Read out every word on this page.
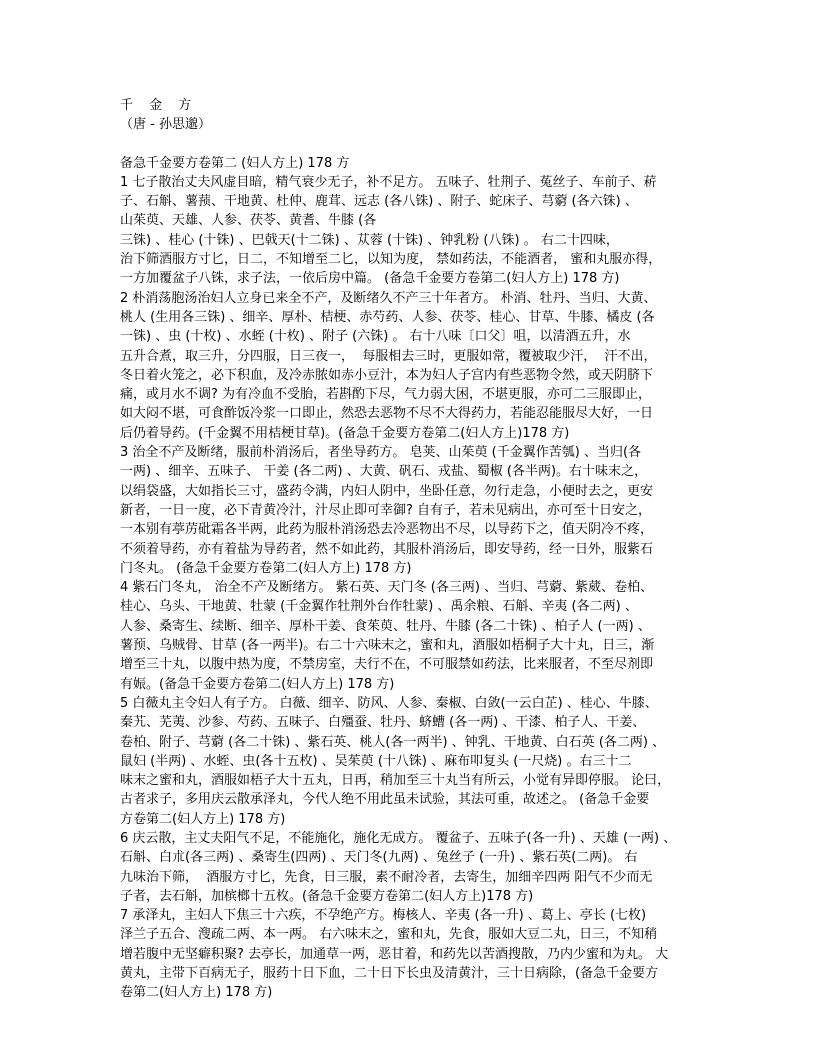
千 金 方

（唐 - 孙思邈）

备急千金要方卷第二 (妇人方上) 178 方

1 七子散治丈夫风虚目暗，精气衰少无子，补不足方。 五味子、牡荆子、菟丝子、车前子、菥
子、石斛、薯蓣、干地黄、杜仲、鹿茸、远志 (各八铢) 、附子、蛇床子、芎藭 (各六铢) 、
山茱萸、天雄、人参、茯苓、黄耆、牛膝 (各
三铢) 、桂心 (十铢) 、巴戟天(十二铢) 、苁蓉 (十铢) 、钟乳粉 (八铢) 。 右二十四味，
治下筛酒服方寸匕，日二，不知增至二匕，以知为度， 禁如药法，不能酒者， 蜜和丸服亦得，
一方加覆盆子八铢，求子法，一依后房中篇。 (备急千金要方卷第二(妇人方上) 178 方)

2 朴消荡胞汤治妇人立身已来全不产，及断绪久不产三十年者方。 朴消、牡丹、当归、大黄、
桃人 (生用各三铢) 、细辛、厚朴、桔梗、赤芍药、人参、茯苓、桂心、甘草、牛膝、橘皮 (各
一铢) 、虫 (十枚) 、水蛭 (十枚) 、附子 (六铢) 。 右十八味〔口父〕咀，以清酒五升，水
五升合煮，取三升，分四服，日三夜一，  每服相去三时，更服如常，覆被取少汗，  汗不出，
冬日着火笼之，必下积血，及冷赤脓如赤小豆汁，本为妇人子宫内有些恶物令然，或天阴脐下
痛，或月水不调? 为有冷血不受胎，若斟酌下尽，气力弱大困，不堪更服，亦可二三服即止，
如大闷不堪，可食酢饭冷浆一口即止，然恐去恶物不尽不大得药力，若能忍能服尽大好，一日
后仍着导药。(千金翼不用桔梗甘草)。(备急千金要方卷第二(妇人方上)178 方)

3 治全不产及断绪，服前朴消汤后，者坐导药方。 皂荚、山茱萸 (千金翼作苦瓠) 、当归(各
一两) 、细辛、五味子、 干姜 (各二两) 、大黄、矾石、戎盐、蜀椒 (各半两)。右十味末之，
以绢袋盛，大如指长三寸，盛药令满，内妇人阴中，坐卧任意，勿行走急，小便时去之，更安
新者，一日一度，必下青黄冷汁，汁尽止即可幸御? 自有子，若未见病出，亦可至十日安之，
一本别有葶苈砒霜各半两，此药为服朴消汤恐去冷恶物出不尽，以导药下之，值天阴冷不疼，
不须着导药，亦有着盐为导药者，然不如此药，其服朴消汤后，即安导药，经一日外，服紫石
门冬丸。 (备急千金要方卷第二(妇人方上) 178 方)

4 紫石门冬丸， 治全不产及断绪方。 紫石英、天门冬 (各三两) 、当归、芎藭、紫葳、卷柏、
桂心、乌头、干地黄、牡蒙 (千金翼作牡荆外台作牡蒙) 、禹余粮、石斛、辛夷 (各二两) 、
人参、桑寄生、续断、细辛、厚朴干姜、食茱萸、牡丹、牛膝 (各二十铢) 、柏子人 (一两) 、
薯预、乌贼骨、甘草 (各一两半)。右二十六味末之，蜜和丸，酒服如梧桐子大十丸，日三，渐
增至三十丸，以腹中热为度，不禁房室，夫行不在，不可服禁如药法，比来服者，不至尽剂即
有娠。(备急千金要方卷第二(妇人方上) 178 方)

5 白薇丸主令妇人有子方。 白薇、细辛、防风、人参、秦椒、白敛(一云白芷) 、桂心、牛膝、
秦艽、芜荑、沙参、芍药、五味子、白殭蚕、牡丹、蛴螬 (各一两) 、干漆、柏子人、干姜、
卷柏、附子、芎藭 (各二十铢) 、紫石英、桃人(各一两半) 、钟乳、干地黄、白石英 (各二两) 、
鼠妇 (半两) 、水蛭、虫(各十五枚) 、吴茱萸 (十八铢) 、麻布叩复头 (一尺烧) 。右三十二
味末之蜜和丸，酒服如梧子大十五丸，日再，稍加至三十丸当有所云，小觉有异即停服。 论曰，
古者求子，多用庆云散承泽丸，今代人绝不用此虽未试验，其法可重，故述之。 (备急千金要
方卷第二(妇人方上) 178 方)

6 庆云散，主丈夫阳气不足，不能施化，施化无成方。 覆盆子、五味子(各一升) 、天雄 (一两) 、
石斛、白朮(各三两) 、桑寄生(四两) 、天门冬(九两) 、兔丝子 (一升) 、紫石英(二两)。 右
九味治下筛，  酒服方寸匕，先食，日三服，素不耐冷者，去寄生，加细辛四两 阳气不少而无
子者，去石斛，加槟榔十五枚。(备急千金要方卷第二(妇人方上)178 方)

7 承泽丸，主妇人下焦三十六疾，不孕绝产方。梅核人、辛夷 (各一升) 、葛上、亭长 (七枚)
泽兰子五合、溲疏二两、本一两。 右六味末之，蜜和丸，先食，服如大豆二丸，日三，不知稍
增若腹中无坚癖积聚? 去亭长，加通草一两，恶甘着，和药先以苦酒搜散，乃内少蜜和为丸。 大
黄丸，主带下百病无子，服药十日下血，二十日下长虫及清黄汁，三十日病除，(备急千金要方
卷第二(妇人方上) 178 方)
